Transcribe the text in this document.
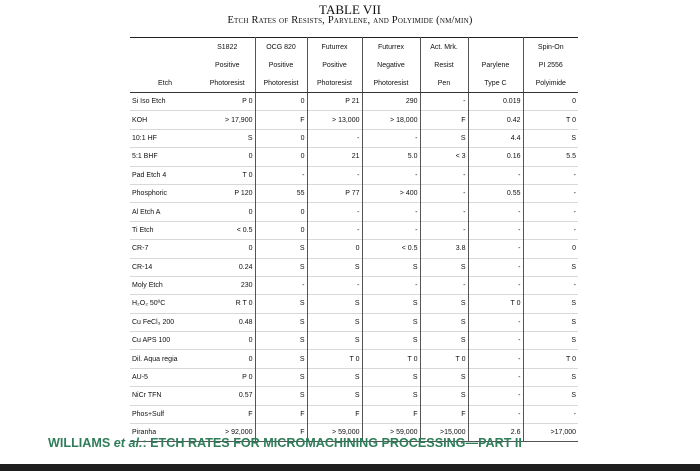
TABLE VII
Etch Rates of Resists, Parylene, and Polyimide (nm/min)
	S1822	OCG 820	Futurrex	Futurrex	Act. Mrk.		Spin-On
	Positive	Positive	Positive	Negative	Resist	Parylene	PI 2556
Etch	Photoresist	Photoresist	Photoresist	Photoresist	Pen	Type C	Polyimide
Si Iso Etch	P 0	0	P 21	290	-	0.019	0
KOH	> 17,900	F	> 13,000	> 18,000	F	0.42	T 0
10:1 HF	S	0	-	-	S	4.4	S
5:1 BHF	0	0	21	5.0	< 3	0.16	5.5
Pad Etch 4	T 0	-	-	-	-	-	-
Phosphoric	P 120	55	P 77	> 400	-	0.55	-
Al Etch A	0	0	-	-	-	-	-
Ti Etch	< 0.5	0	-	-	-	-	-
CR-7	0	S	0	< 0.5	3.8	-	0
CR-14	0.24	S	S	S	S	-	S
Moly Etch	230	-	-	-	-	-	-
H₂O₂ 50ºC	R T 0	S	S	S	S	T 0	S
Cu FeCl₃ 200	0.48	S	S	S	S	-	S
Cu APS 100	0	S	S	S	S	-	S
Dil. Aqua regia	0	S	T 0	T 0	T 0	-	T 0
AU-5	P 0	S	S	S	S	-	S
NiCr TFN	0.57	S	S	S	S	-	S
Phos+Sulf	F	F	F	F	F	-	-
Piranha	> 92,000	F	> 59,000	> 59,000	>15,000	2.6	>17,000
WILLIAMS et al.: ETCH RATES FOR MICROMACHINING PROCESSING—PART II
